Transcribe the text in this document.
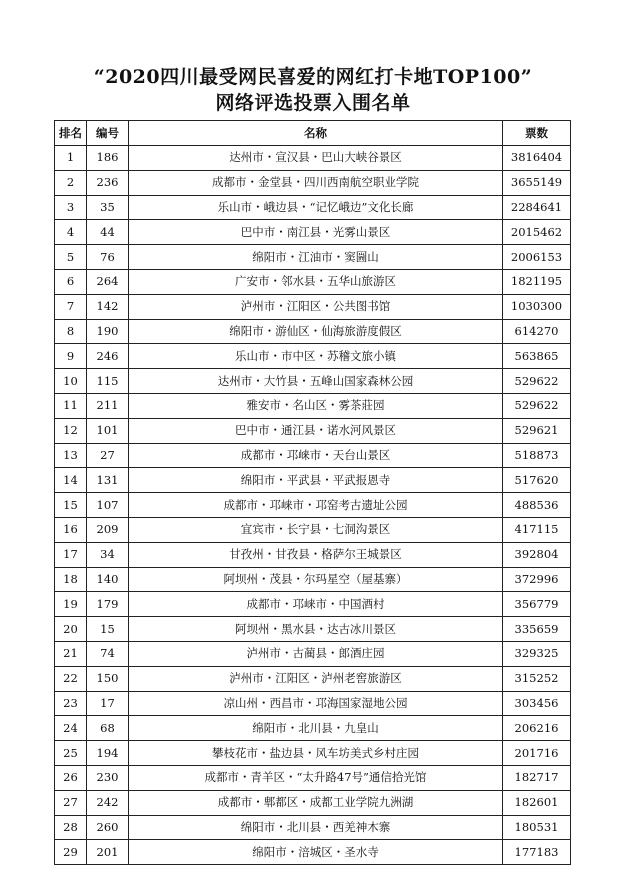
“2020四川最受网民喜爱的网红打卡地TOP100”
网络评选投票入围名单
排名	编号	名称	票数
1	186	达州市・宣汉县・巴山大峡谷景区	3816404
2	236	成都市・金堂县・四川西南航空职业学院	3655149
3	35	乐山市・峨边县・“记忆峨边”文化长廊	2284641
4	44	巴中市・南江县・光雾山景区	2015462
5	76	绵阳市・江油市・窦圌山	2006153
6	264	广安市・邻水县・五华山旅游区	1821195
7	142	泸州市・江阳区・公共图书馆	1030300
8	190	绵阳市・游仙区・仙海旅游度假区	614270
9	246	乐山市・市中区・苏稽文旅小镇	563865
10	115	达州市・大竹县・五峰山国家森林公园	529622
11	211	雅安市・名山区・雾茶莊园	529622
12	101	巴中市・通江县・诺水河风景区	529621
13	27	成都市・邛崃市・天台山景区	518873
14	131	绵阳市・平武县・平武报恩寺	517620
15	107	成都市・邛崃市・邛窑考古遗址公园	488536
16	209	宜宾市・长宁县・七洞沟景区	417115
17	34	甘孜州・甘孜县・格萨尔王城景区	392804
18	140	阿坝州・茂县・尔玛星空（屋基寨）	372996
19	179	成都市・邛崃市・中国酒村	356779
20	15	阿坝州・黑水县・达古冰川景区	335659
21	74	泸州市・古蔺县・郎酒庄园	329325
22	150	泸州市・江阳区・泸州老窖旅游区	315252
23	17	凉山州・西昌市・邛海国家湿地公园	303456
24	68	绵阳市・北川县・九皇山	206216
25	194	攀枝花市・盐边县・风车坊美式乡村庄园	201716
26	230	成都市・青羊区・“太升路47号”通信拾光馆	182717
27	242	成都市・郫都区・成都工业学院九洲湖	182601
28	260	绵阳市・北川县・西羌神木寨	180531
29	201	绵阳市・涪城区・圣水寺	177183
